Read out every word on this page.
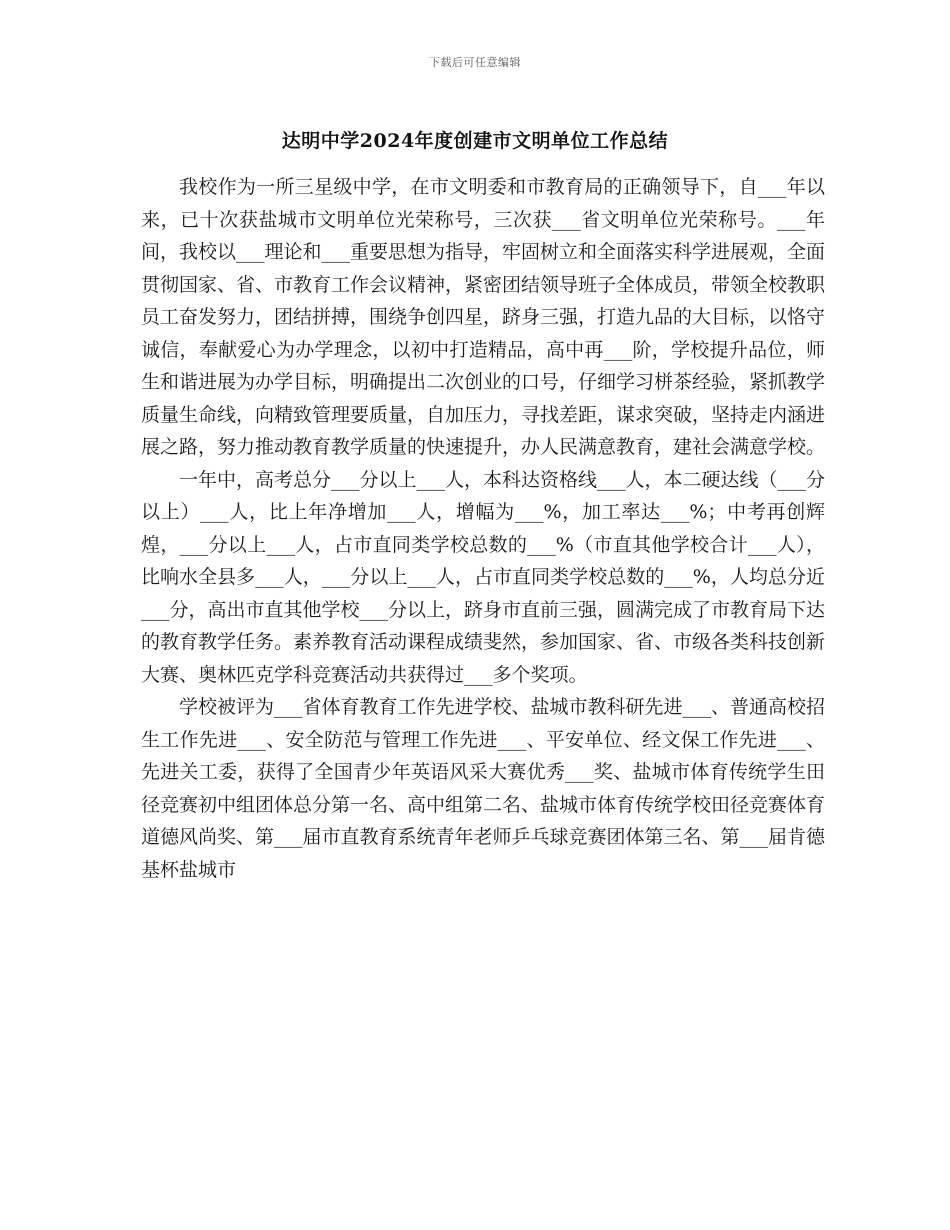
下载后可任意编辑
达明中学2024年度创建市文明单位工作总结

我校作为一所三星级中学，在市文明委和市教育局的正确领导下，自___年以来，已十次获盐城市文明单位光荣称号，三次获___省文明单位光荣称号。___年间，我校以___理论和___重要思想为指导，牢固树立和全面落实科学进展观，全面贯彻国家、省、市教育工作会议精神，紧密团结领导班子全体成员，带领全校教职员工奋发努力，团结拼搏，围绕争创四星，跻身三强，打造九品的大目标，以恪守诚信，奉献爱心为办学理念，以初中打造精品，高中再___阶，学校提升品位，师生和谐进展为办学目标，明确提出二次创业的口号，仔细学习栟茶经验，紧抓教学质量生命线，向精致管理要质量，自加压力，寻找差距，谋求突破，坚持走内涵进展之路，努力推动教育教学质量的快速提升，办人民满意教育，建社会满意学校。

一年中，高考总分___分以上___人，本科达资格线___人，本二硬达线（___分以上）___人，比上年净增加___人，增幅为___%，加工率达___%；中考再创辉煌，___分以上___人，占市直同类学校总数的___%（市直其他学校合计___人），比响水全县多___人，___分以上___人，占市直同类学校总数的___%，人均总分近___分，高出市直其他学校___分以上，跻身市直前三强，圆满完成了市教育局下达的教育教学任务。素养教育活动课程成绩斐然，参加国家、省、市级各类科技创新大赛、奥林匹克学科竞赛活动共获得过___多个奖项。

学校被评为___省体育教育工作先进学校、盐城市教科研先进___、普通高校招生工作先进___、安全防范与管理工作先进___、平安单位、经文保工作先进___、先进关工委，获得了全国青少年英语风采大赛优秀___奖、盐城市体育传统学生田径竞赛初中组团体总分第一名、高中组第二名、盐城市体育传统学校田径竞赛体育道德风尚奖、第___届市直教育系统青年老师乒乓球竞赛团体第三名、第___届肯德基杯盐城市
